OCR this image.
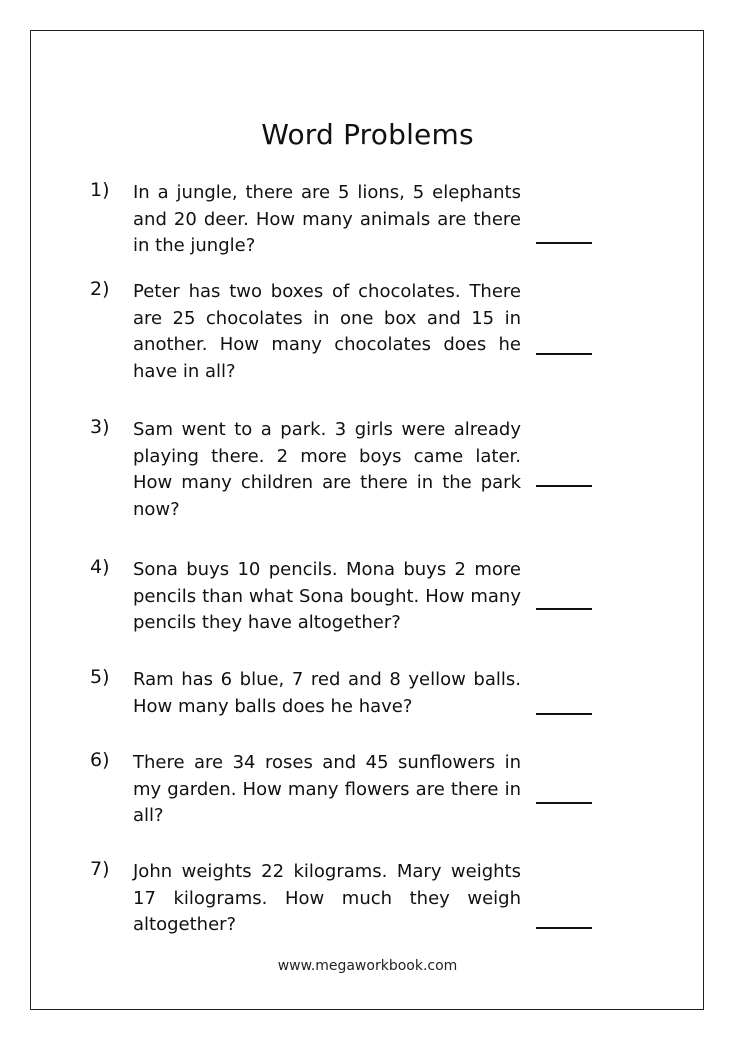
Word Problems
1) In a jungle, there are 5 lions, 5 elephants and 20 deer. How many animals are there in the jungle?
2) Peter has two boxes of chocolates. There are 25 chocolates in one box and 15 in another. How many chocolates does he have in all?
3) Sam went to a park. 3 girls were already playing there. 2 more boys came later. How many children are there in the park now?
4) Sona buys 10 pencils. Mona buys 2 more pencils than what Sona bought. How many pencils they have altogether?
5) Ram has 6 blue, 7 red and 8 yellow balls. How many balls does he have?
6) There are 34 roses and 45 sunflowers in my garden. How many flowers are there in all?
7) John weights 22 kilograms. Mary weights 17 kilograms. How much they weigh altogether?
www.megaworkbook.com
